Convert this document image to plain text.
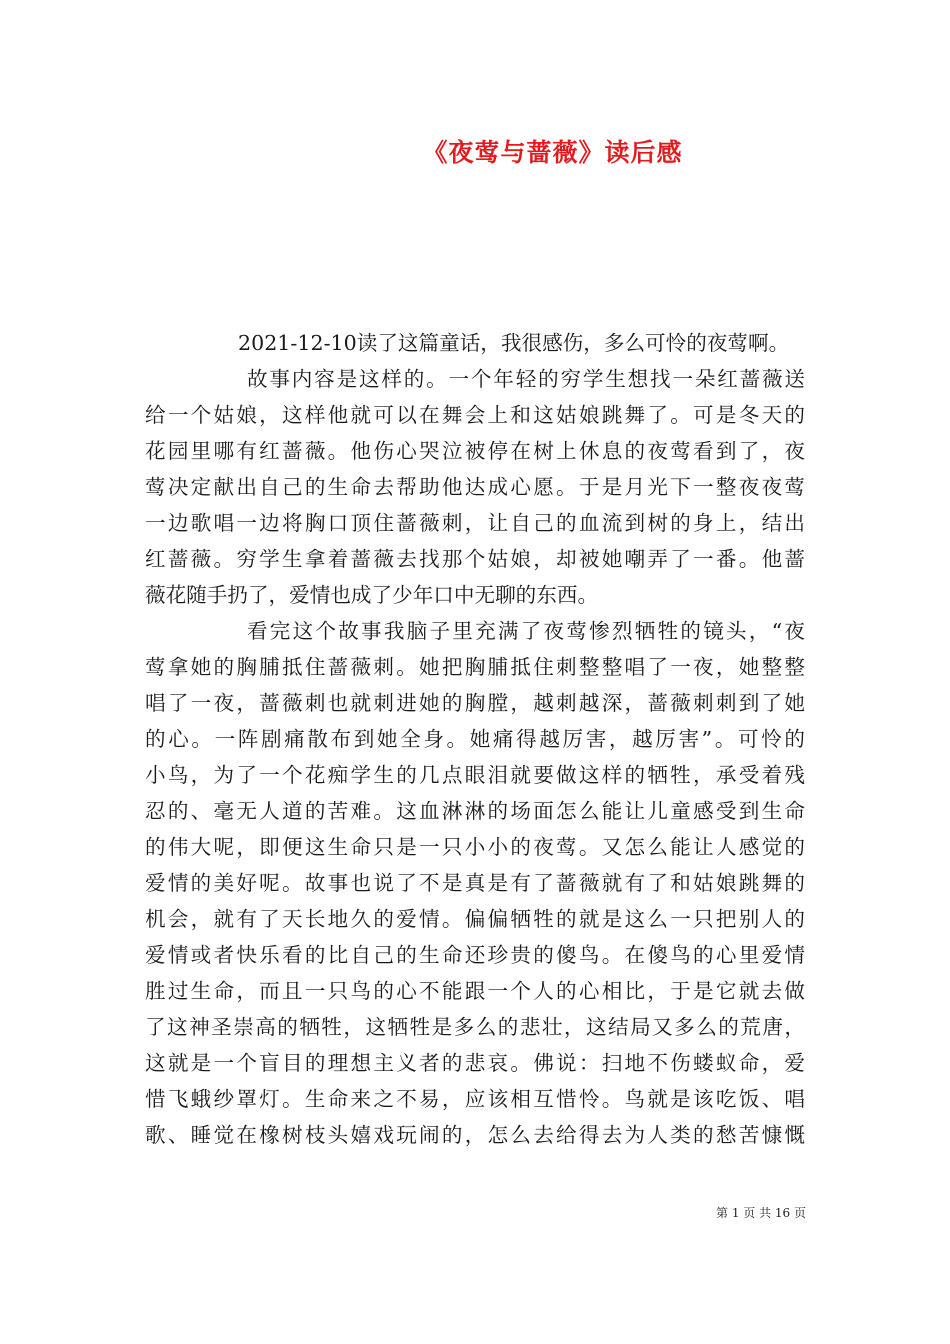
《夜莺与蔷薇》读后感

2021-12-10读了这篇童话，我很感伤，多么可怜的夜莺啊。

故事内容是这样的。一个年轻的穷学生想找一朵红蔷薇送

给一个姑娘，这样他就可以在舞会上和这姑娘跳舞了。可是冬天的

花园里哪有红蔷薇。他伤心哭泣被停在树上休息的夜莺看到了，夜

莺决定献出自己的生命去帮助他达成心愿。于是月光下一整夜夜莺

一边歌唱一边将胸口顶住蔷薇刺，让自己的血流到树的身上，结出

红蔷薇。穷学生拿着蔷薇去找那个姑娘，却被她嘲弄了一番。他蔷

薇花随手扔了，爱情也成了少年口中无聊的东西。

看完这个故事我脑子里充满了夜莺惨烈牺牲的镜头，“夜

莺拿她的胸脯抵住蔷薇刺。她把胸脯抵住刺整整唱了一夜，她整整

唱了一夜，蔷薇刺也就刺进她的胸膛，越刺越深，蔷薇刺刺到了她

的心。一阵剧痛散布到她全身。她痛得越厉害，越厉害”。可怜的

小鸟，为了一个花痴学生的几点眼泪就要做这样的牺牲，承受着残

忍的、毫无人道的苦难。这血淋淋的场面怎么能让儿童感受到生命

的伟大呢，即便这生命只是一只小小的夜莺。又怎么能让人感觉的

爱情的美好呢。故事也说了不是真是有了蔷薇就有了和姑娘跳舞的

机会，就有了天长地久的爱情。偏偏牺牲的就是这么一只把别人的

爱情或者快乐看的比自己的生命还珍贵的傻鸟。在傻鸟的心里爱情

胜过生命，而且一只鸟的心不能跟一个人的心相比，于是它就去做

了这神圣崇高的牺牲，这牺牲是多么的悲壮，这结局又多么的荒唐，

这就是一个盲目的理想主义者的悲哀。佛说：扫地不伤蝼蚁命，爱

惜飞蛾纱罩灯。生命来之不易，应该相互惜怜。鸟就是该吃饭、唱

歌、睡觉在橡树枝头嬉戏玩闹的，怎么去给得去为人类的愁苦慷慨

第 1 页 共 16 页
